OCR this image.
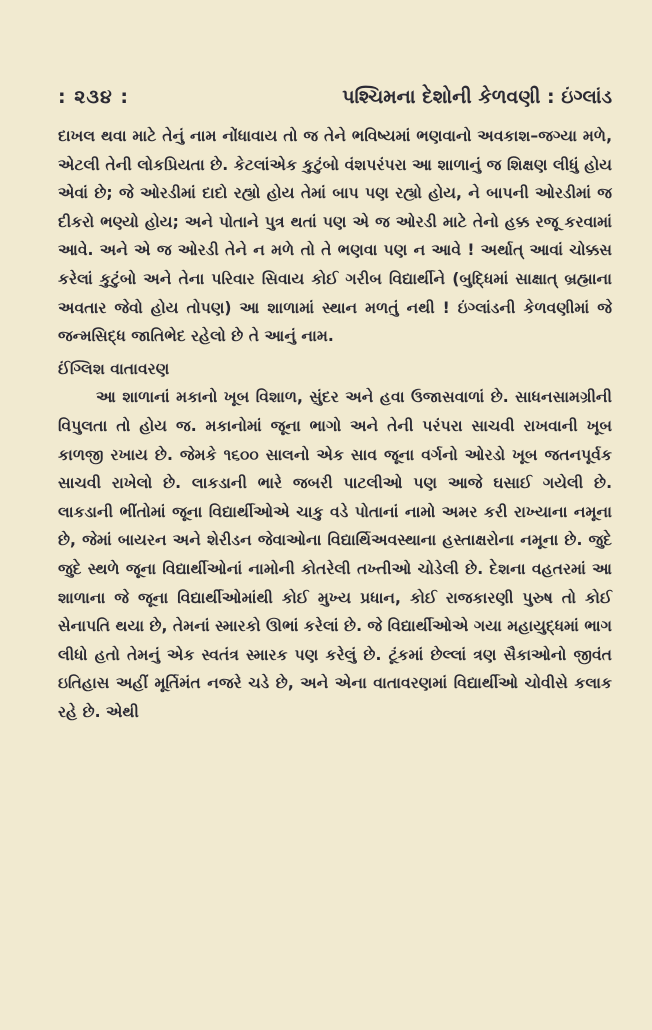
: ૨૩૪ :	પશ્ચિમના દેશોની કેળવણી : ઇંગ્લાંડ

દાખલ થવા માટે તેનું નામ નોંધાવાય તો જ તેને ભવિષ્યમાં ભણવાનો અવકાશ–જગ્યા મળે, એટલી તેની લોકપ્રિયતા છે. કેટલાંએક કુટુંબો વંશપરંપરા આ શાળાનું જ શિક્ષણ લીધું હોય એવાં છે; જે ઓરડીમાં દાદો રહ્યો હોય તેમાં બાપ પણ રહ્યો હોય, ને બાપની ઓરડીમાં જ દીકરો ભણ્યો હોય; અને પોતાને પુત્ર થતાં પણ એ જ ઓરડી માટે તેનો હક્ક રજૂ કરવામાં આવે. અને એ જ ઓરડી તેને ન મળે તો તે ભણવા પણ ન આવે ! અર્થાત્ આવાં ચોક્કસ કરેલાં કુટુંબો અને તેના પરિવાર સિવાય કોઈ ગરીબ વિદ્યાર્થીને (બુદ્ધિમાં સાક્ષાત્ બ્રહ્માના અવતાર જેવો હોય તોપણ) આ શાળામાં સ્થાન મળતું નથી ! ઇંગ્લાંડની કેળવણીમાં જે જન્મસિદ્ધ જાતિભેદ રહેલો છે તે આનું નામ.

ઈંગ્લિશ વાતાવરણ

આ શાળાનાં મકાનો ખૂબ વિશાળ, સુંદર અને હવા ઉજાસવાળાં છે. સાધનસામગ્રીની વિપુલતા તો હોય જ. મકાનોમાં જૂના ભાગો અને તેની પરંપરા સાચવી રાખવાની ખૂબ કાળજી રખાય છે. જેમકે ૧૬૦૦ સાલનો એક સાવ જૂના વર્ગનો ઓરડો ખૂબ જતનપૂર્વક સાચવી રાખેલો છે. લાકડાની ભારે જબરી પાટલીઓ પણ આજે ઘસાઈ ગયેલી છે. લાકડાની ભીંતોમાં જૂના વિદ્યાર્થીઓએ ચાકુ વડે પોતાનાં નામો અમર કરી રાખ્યાના નમૂના છે, જેમાં બાયરન અને શેરીડન જેવાઓના વિદ્યાર્થિઅવસ્થાના હસ્તાક્ષરોના નમૂના છે. જુદે જુદે સ્થળે જૂના વિદ્યાર્થીઓનાં નામોની કોતરેલી તખ્તીઓ ચોડેલી છે. દેશના વહતરમાં આ શાળાના જે જૂના વિદ્યાર્થીઓમાંથી કોઈ મુખ્ય પ્રધાન, કોઈ રાજકારણી પુરુષ તો કોઈ સેનાપતિ થયા છે, તેમનાં સ્મારકો ઊભાં કરેલાં છે. જે વિદ્યાર્થીઓએ ગયા મહાયુદ્ધમાં ભાગ લીધો હતો તેમનું એક સ્વતંત્ર સ્મારક પણ કરેલું છે. ટૂંકમાં છેલ્લાં ત્રણ સૈકાઓનો જીવંત ઇતિહાસ અહીં મૂર્તિમંત નજરે ચડે છે, અને એના વાતાવરણમાં વિદ્યાર્થીઓ ચોવીસે કલાક રહે છે. એથી
